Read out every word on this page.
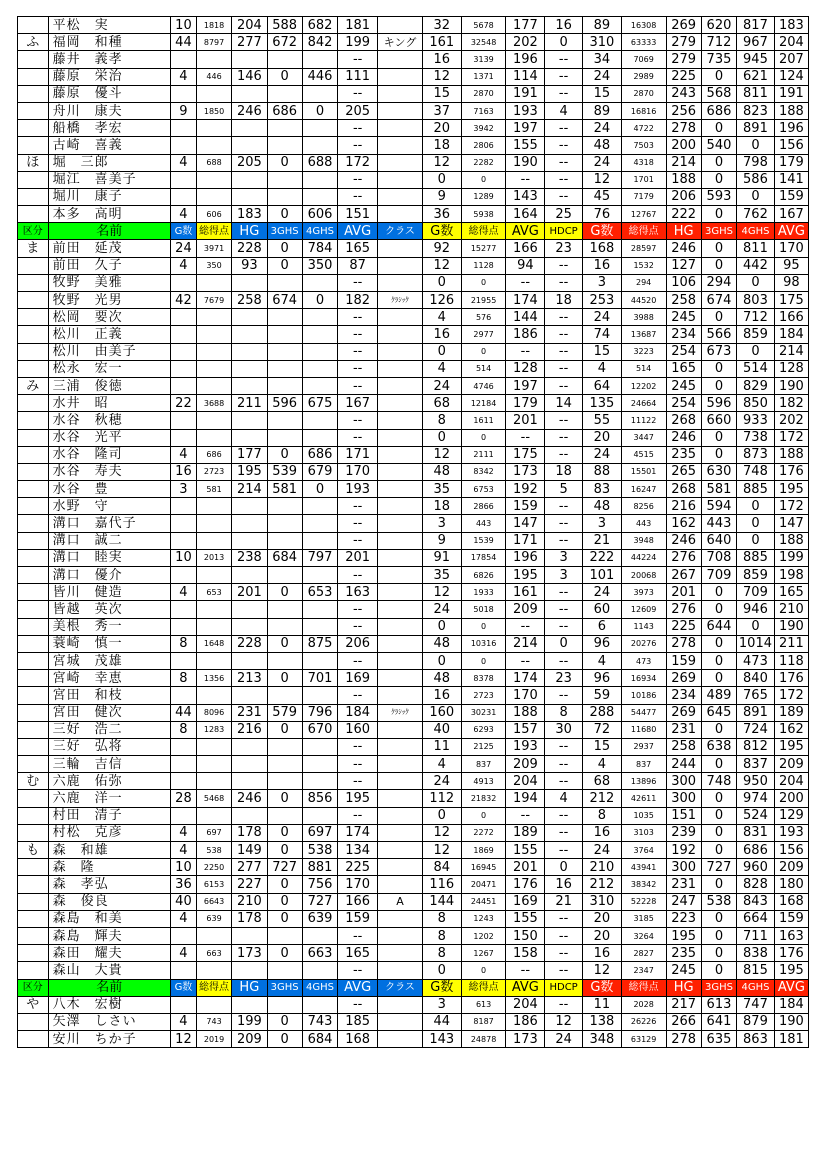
	平松　実	10	1818	204	588	682	181		32	5678	177	16	89	16308	269	620	817	183
ふ	福岡　和種	44	8797	277	672	842	199	キング	161	32548	202	0	310	63333	279	712	967	204
	藤井　義孝						--		16	3139	196	--	34	7069	279	735	945	207
	藤原　栄治	4	446	146	0	446	111		12	1371	114	--	24	2989	225	0	621	124
	藤原　優斗						--		15	2870	191	--	15	2870	243	568	811	191
	舟川　康夫	9	1850	246	686	0	205		37	7163	193	4	89	16816	256	686	823	188
	船橋　孝宏						--		20	3942	197	--	24	4722	278	0	891	196
	古崎　喜義						--		18	2806	155	--	48	7503	200	540	0	156
ほ	堀　三郎	4	688	205	0	688	172		12	2282	190	--	24	4318	214	0	798	179
	堀江　喜美子						--		0	0	--	--	12	1701	188	0	586	141
	堀川　康子						--		9	1289	143	--	45	7179	206	593	0	159
	本多　高明	4	606	183	0	606	151		36	5938	164	25	76	12767	222	0	762	167
区分	名前	G数	総得点	HG	3GHS	4GHS	AVG	クラス	G数	総得点	AVG	HDCP	G数	総得点	HG	3GHS	4GHS	AVG
ま	前田　延茂	24	3971	228	0	784	165		92	15277	166	23	168	28597	246	0	811	170
	前田　久子	4	350	93	0	350	87		12	1128	94	--	16	1532	127	0	442	95
	牧野　美雅						--		0	0	--	--	3	294	106	294	0	98
	牧野　光男	42	7679	258	674	0	182	ｸﾗｼｯｸ	126	21955	174	18	253	44520	258	674	803	175
	松岡　要次						--		4	576	144	--	24	3988	245	0	712	166
	松川　正義						--		16	2977	186	--	74	13687	234	566	859	184
	松川　由美子						--		0	0	--	--	15	3223	254	673	0	214
	松永　宏一						--		4	514	128	--	4	514	165	0	514	128
み	三浦　俊徳						--		24	4746	197	--	64	12202	245	0	829	190
	水井　昭	22	3688	211	596	675	167		68	12184	179	14	135	24664	254	596	850	182
	水谷　秋穂						--		8	1611	201	--	55	11122	268	660	933	202
	水谷　光平						--		0	0	--	--	20	3447	246	0	738	172
	水谷　隆司	4	686	177	0	686	171		12	2111	175	--	24	4515	235	0	873	188
	水谷　寿夫	16	2723	195	539	679	170		48	8342	173	18	88	15501	265	630	748	176
	水谷　豊	3	581	214	581	0	193		35	6753	192	5	83	16247	268	581	885	195
	水野　守						--		18	2866	159	--	48	8256	216	594	0	172
	溝口　嘉代子						--		3	443	147	--	3	443	162	443	0	147
	溝口　誠二						--		9	1539	171	--	21	3948	246	640	0	188
	溝口　睦実	10	2013	238	684	797	201		91	17854	196	3	222	44224	276	708	885	199
	溝口　優介						--		35	6826	195	3	101	20068	267	709	859	198
	皆川　健造	4	653	201	0	653	163		12	1933	161	--	24	3973	201	0	709	165
	皆越　英次						--		24	5018	209	--	60	12609	276	0	946	210
	美根　秀一						--		0	0	--	--	6	1143	225	644	0	190
	蓑崎　慎一	8	1648	228	0	875	206		48	10316	214	0	96	20276	278	0	1014	211
	宮城　茂雄						--		0	0	--	--	4	473	159	0	473	118
	宮崎　幸恵	8	1356	213	0	701	169		48	8378	174	23	96	16934	269	0	840	176
	宮田　和枝						--		16	2723	170	--	59	10186	234	489	765	172
	宮田　健次	44	8096	231	579	796	184	ｸﾗｼｯｸ	160	30231	188	8	288	54477	269	645	891	189
	三好　浩二	8	1283	216	0	670	160		40	6293	157	30	72	11680	231	0	724	162
	三好　弘将						--		11	2125	193	--	15	2937	258	638	812	195
	三輪　吉信						--		4	837	209	--	4	837	244	0	837	209
む	六鹿　佑弥						--		24	4913	204	--	68	13896	300	748	950	204
	六鹿　洋一	28	5468	246	0	856	195		112	21832	194	4	212	42611	300	0	974	200
	村田　清子						--		0	0	--	--	8	1035	151	0	524	129
	村松　克彦	4	697	178	0	697	174		12	2272	189	--	16	3103	239	0	831	193
も	森　和雄	4	538	149	0	538	134		12	1869	155	--	24	3764	192	0	686	156
	森　隆	10	2250	277	727	881	225		84	16945	201	0	210	43941	300	727	960	209
	森　孝弘	36	6153	227	0	756	170		116	20471	176	16	212	38342	231	0	828	180
	森　俊良	40	6643	210	0	727	166	A	144	24451	169	21	310	52228	247	538	843	168
	森島　和美	4	639	178	0	639	159		8	1243	155	--	20	3185	223	0	664	159
	森島　輝夫						--		8	1202	150	--	20	3264	195	0	711	163
	森田　耀夫	4	663	173	0	663	165		8	1267	158	--	16	2827	235	0	838	176
	森山　大貴						--		0	0	--	--	12	2347	245	0	815	195
区分	名前	G数	総得点	HG	3GHS	4GHS	AVG	クラス	G数	総得点	AVG	HDCP	G数	総得点	HG	3GHS	4GHS	AVG
や	八木　宏樹						--		3	613	204	--	11	2028	217	613	747	184
	矢澤　しさい	4	743	199	0	743	185		44	8187	186	12	138	26226	266	641	879	190
	安川　ちか子	12	2019	209	0	684	168		143	24878	173	24	348	63129	278	635	863	181
